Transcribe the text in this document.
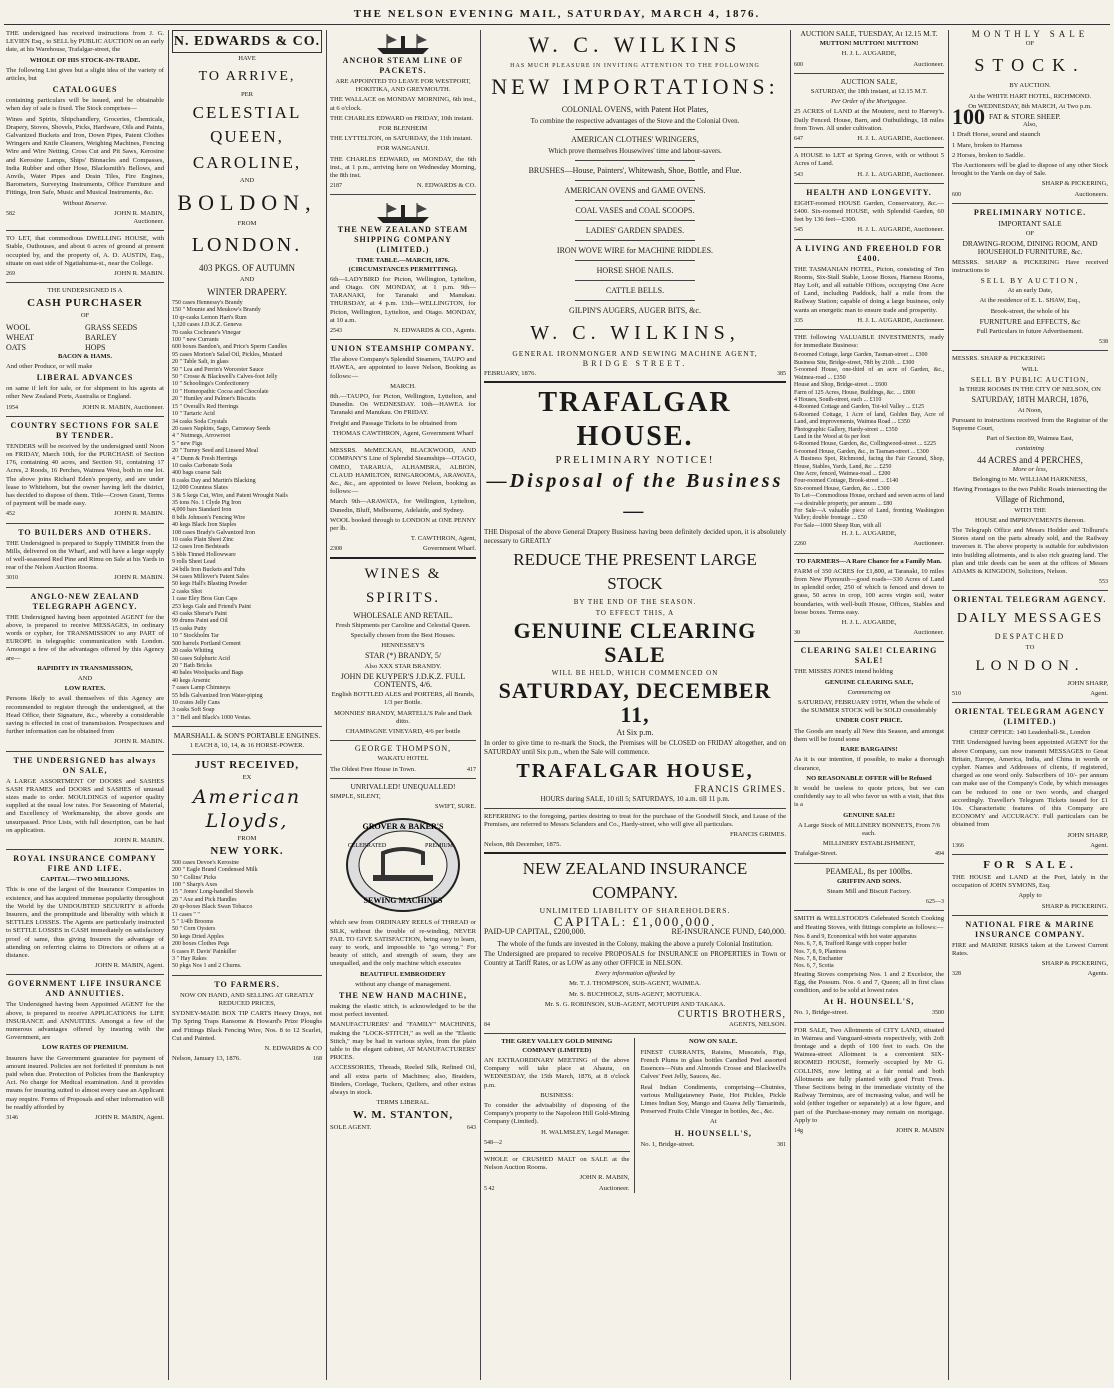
THE NELSON EVENING MAIL, SATURDAY, MARCH 4, 1876.

THE undersigned has received instructions from J. G. LEVIEN Esq., to SELL by PUBLIC AUCTION on an early date, at his Warehouse, Trafalgar-street, the

WHOLE OF HIS STOCK-IN-TRADE.

The following List gives but a slight idea of the variety of articles, but

CATALOGUES

containing particulars will be issued, and be obtainable when day of sale is fixed. The Stock comprises—

Wines and Spirits, Shipchandlery, Groceries, Chemicals, Drapery, Stoves, Shovels, Picks, Hardware, Oils and Paints, Galvanized Buckets and Iron, Down Pipes, Patent Clothes Wringers and Knife Cleaners, Weighing Machines, Fencing Wire and Wire Netting, Cross Cut and Pit Saws, Kerosine and Kerosine Lamps, Ships' Binnacles and Compasses, India Rubber and other Hose, Blacksmith's Bellows, and Anvils, Water Pipes and Drain Tiles, Fire Engines, Barometers, Surveying Instruments, Office Furniture and Fittings, Iron Safe, Music and Musical Instruments, &c.

Without Reserve.

582	JOHN R. MABIN,

Auctioneer.

TO LET, that commodious DWELLING HOUSE, with Stable, Outhouses, and about 6 acres of ground at present occupied by, and the property of, A. D. AUSTIN, Esq., situate on east side of Ngatiahuma-st., near the College.

269	JOHN R. MABIN.

THE UNDERSIGNED IS A

CASH PURCHASER

OF

WOOL	GRASS SEEDS
WHEAT	BARLEY
OATS	HOPS

BACON & HAMS.

And other Produce, or will make

LIBERAL ADVANCES

on same if left for sale, or for shipment to his agents at other New Zealand Ports, Australia or England.

1954	JOHN R. MABIN, Auctioneer.

COUNTRY SECTIONS FOR SALE BY TENDER.

TENDERS will be received by the undersigned until Noon on FRIDAY, March 10th, for the PURCHASE of Section 176, containing 40 acres, and Section 91, containing 17 Acres, 2 Roods, 16 Perches, Waimea West, both in one lot. The above joins Richard Eden's property, and are under lease to Whitehorn, but the owner having left the district, has decided to dispose of them. Title—Crown Grant, Terms of payment will be made easy.

452	JOHN R. MABIN.

TO BUILDERS AND OTHERS.

THE Undersigned is prepared to Supply TIMBER from the Mills, delivered on the Wharf, and will have a large supply of well-seasoned Red Pine and Rimu on Sale at his Yards in rear of the Nelson Auction Rooms.

3010	JOHN R. MABIN.

ANGLO-NEW ZEALAND TELEGRAPH AGENCY.

THE Undersigned having been appointed AGENT for the above, is prepared to receive MESSAGES, in ordinary words or cypher, for TRANSMISSION to any PART of EUROPE in telegraphic communication with London. Amongst a few of the advantages offered by this Agency are—

RAPIDITY IN TRANSMISSION,

AND

LOW RATES.

Persons likely to avail themselves of this Agency are recommended to register through the undersigned, at the Head Office, their Signature, &c., whereby a considerable saving is effected in cost of transmission. Prospectuses and further information can be obtained from

JOHN R. MABIN.

THE UNDERSIGNED has always ON SALE,

A LARGE ASSORTMENT OF DOORS and SASHES SASH FRAMES and DOORS and SASHES of unusual sizes made to order. MOULDINGS of superior quality supplied at the usual low rates. For Seasoning of Material, and Excellency of Workmanship, the above goods are unsurpassed. Price Lists, with full description, can be had on application.

JOHN R. MABIN.

ROYAL INSURANCE COMPANY FIRE AND LIFE.

CAPITAL—TWO MILLIONS.

This is one of the largest of the Insurance Companies in existence, and has acquired immense popularity throughout the World by the UNDOUBTED SECURITY it affords Insurers, and the promptitude and liberality with which it SETTLES LOSSES. The Agents are particularly instructed to SETTLE LOSSES in CASH immediately on satisfactory proof of same, thus giving Insurers the advantage of attending on referring claims to Directors or others at a distance.

JOHN R. MABIN, Agent.

GOVERNMENT LIFE INSURANCE AND ANNUITIES.

The Undersigned having been Appointed AGENT for the above, is prepared to receive APPLICATIONS for LIFE INSURANCE and ANNUITIES. Amongst a few of the numerous advantages offered by insuring with the Government, are

LOW RATES OF PREMIUM.

Insurers have the Government guarantee for payment of amount insured. Policies are not forfeited if premium is not paid when due. Protection of Policies from the Bankruptcy Act. No charge for Medical examination. And it provides means for insuring suited to almost every case an Applicant may require. Forms of Proposals and other information will be readily afforded by

3146	JOHN R. MABIN, Agent.

N. EDWARDS & CO.

HAVE

TO ARRIVE,

PER

CELESTIAL QUEEN,

CAROLINE,

AND

BOLDON,

FROM

LONDON.

403 PKGS. OF AUTUMN

AND

WINTER DRAPERY.

750 cases Hennessy's Brandy
150 " Mounie and Meukow's Brandy
10 qr-casks Lemon Hart's Rum
1,320 cases J.D.K.Z. Geneva
70 casks Cochrane's Vinegar
100 " new Currants
600 boxes Bandon's, and Price's Sperm Candles
95 cases Morton's Salad Oil, Pickles, Mustard
20 " Table Salt, in glass
50 " Lea and Perrin's Worcester Sauce
50 " Crosse & Blackwell's Calves-foot Jelly
10 " Schoolings's Confectionery
10 " Homeopathic Cocoa and Chocolate
20 " Huntley and Palmer's Biscuits
15 " Overall's Red Herrings
10 " Tartaric Acid
34 casks Soda Crystals
20 cases Napkins, Sago, Carraway Seeds
4 " Nutmegs, Arrowroot
5 " new Figs
20 " Turney Seed and Linseed Meal
4 " Dunn & Fresh Herrings
10 casks Carbonate Soda
400 bags coarse Salt
8 casks Day and Martin's Blacking
12,000 Countess Slates
3 & 5 kegs Cut, Wire, and Patent Wrought Nails
35 tons No. 1 Clyde Pig Iron
4,000 bars Standard Iron
8 bdls Johnson's Fencing Wire
40 kegs Black Iron Staples
108 cases Brady's Galvanized Iron
10 casks Plain Sheet Zinc
12 cases Iron Bedsteads
5 bbls Tinned Hollowware
9 rolls Sheet Lead
24 bdls Iron Buckets and Tubs
34 cases Millover's Patent Sales
50 kegs Hall's Blasting Powder
2 casks Shot
1 case Eley Bros Gun Caps
253 kegs Gale and Friend's Paint
43 casks Sherar's Paint
99 drums Paint and Oil
15 casks Putty
10 " Stockholm Tar
500 barrels Portland Cement
20 casks Whiting
50 cases Sulphuric Acid
20 " Bath Bricks
40 bales Woolpacks and Bags
40 kegs Arsenic
7 cases Lamp Chimneys
55 bdls Galvanized Iron Water-piping
10 crates Jelly Cans
3 casks Soft Soap
3 " Bell and Black's 1000 Vestas.

MARSHALL & SON'S PORTABLE ENGINES.

1 EACH 8, 10, 14, & 16 HORSE-POWER.

JUST RECEIVED,

EX

American Lloyds,

FROM

NEW YORK.

500 cases Devoe's Kerosine
200 " Eagle Brand Condensed Milk
50 " Collins' Picks
100 " Sharp's Axes
15 " Jones' Long-handled Shovels
20 " Axe and Pick Handles
20 qr-boxes Black Swan Tobacco
11 cases " "
5 " 1/4lb Brooms
50 " Corn Oysters
50 kegs Dried Apples
200 boxes Clothes Pegs
6 cases P. Davis' Painkiller
3 " Hay Rakes
50 pkgs Nos 1 and 2 Churns.

TO FARMERS.

NOW ON HAND, AND SELLING AT GREATLY REDUCED PRICES,

SYDNEY-MADE BOX TIP CARTS Heavy Drays, not Tip Spring Traps Ransome & Howard's Prize Ploughs and Fittings Black Fencing Wire, Nos. 8 to 12 Scarlet, Cut and Painted.

N. EDWARDS & CO

Nelson, January 13, 1876.	168

ANCHOR STEAM LINE OF PACKETS.

ARE APPOINTED TO LEAVE FOR WESTPORT, HOKITIKA, AND GREYMOUTH.

THE WALLACE on MONDAY MORNING, 6th inst., at 6 o'clock.

THE CHARLES EDWARD on FRIDAY, 10th instant.

FOR BLENHEIM

THE LYTTELTON, on SATURDAY, the 11th instant.

FOR WANGANUI.

THE CHARLES EDWARD, on MONDAY, the 6th inst., at 1 p.m., arriving here on Wednesday Morning, the 8th inst.

2187	N. EDWARDS & CO.

THE NEW ZEALAND STEAM SHIPPING COMPANY (LIMITED.)

TIME TABLE.—MARCH, 1876. (CIRCUMSTANCES PERMITTING).

6th—LADYBIRD for Picton, Wellington, Lyttelton, and Otago. ON MONDAY, at 1 p.m. 9th—TARANAKI, for Taranaki and Manukau. THURSDAY, at 4 p.m. 13th—WELLINGTON, for Picton, Wellington, Lyttelton, and Otago. MONDAY, at 10 a.m.

2543	N. EDWARDS & CO., Agents.

UNION STEAMSHIP COMPANY.

The above Company's Splendid Steamers, TAUPO and HAWEA, are appointed to leave Nelson, Booking as follows:—

MARCH.

8th.—TAUPO, for Picton, Wellington, Lyttelton, and Dunedin. On WEDNESDAY. 10th—HAWEA for Taranaki and Manukau. On FRIDAY.

Freight and Passage Tickets to be obtained from

THOMAS CAWTHRON, Agent, Government Wharf

MESSRS. McMECKAN, BLACKWOOD, AND COMPANY'S Line of Splendid Steamships—OTAGO, OMEO, TARARUA, ALHAMBRA, ALBION, CLAUD HAMILTON, RINGAROOMA, ARAWATA, &c., &c., are appointed to leave Nelson, booking as follows:—

March 9th—ARAWATA, for Wellington, Lyttelton, Dunedin, Bluff, Melbourne, Adelaide, and Sydney.

WOOL booked through to LONDON at ONE PENNY per lb.

T. CAWTHRON, Agent,

2308	Government Wharf.

WINES & SPIRITS.

WHOLESALE AND RETAIL.

Fresh Shipments per Caroline and Celestial Queen.

Specially chosen from the Best Houses.

HENNESSEY'S

STAR (*) BRANDY, 5/

Also XXX STAR BRANDY.

JOHN DE KUYPER'S J.D.K.Z. FULL CONTENTS, 4/6.

English BOTTLED ALES and PORTERS, all Brands, 1/3 per Bottle.

MONNIES' BRANDY, MARTELL'S Pale and Dark ditto.

CHAMPAGNE VINEYARD, 4/6 per bottle

GEORGE THOMPSON,

WAKATU HOTEL

The Oldest Free House in Town.	417

UNRIVALLED! UNEQUALLED!

SIMPLE, SILENT,

SWIFT, SURE.

GROVER & BAKER'S
CELEBRATED	PREMIUM
SEWING MACHINES

which sew from ORDINARY REELS of THREAD or SILK, without the trouble of re-winding, NEVER FAIL TO GIVE SATISFACTION, being easy to learn, easy to work, and impossible to "go wrong." For beauty of stitch, and strength of seam, they are unequalled, and the only machine which executes

BEAUTIFUL EMBROIDERY

without any change of management.

THE NEW HAND MACHINE,

making the elastic stitch, is acknowledged to be the most perfect invented.

MANUFACTURERS' and "FAMILY" MACHINES, making the "LOCK-STITCH," as well as the "Elastic Stitch," may be had in various styles, from the plain table to the elegant cabinet, AT MANUFACTURERS' PRICES.

ACCESSORIES, Threads, Reeled Silk, Refined Oil, and all extra parts of Machines; also, Braiders, Binders, Cordage, Tuckers, Quilters, and other extras always in stock.

TERMS LIBERAL.

W. M. STANTON,

SOLE AGENT.	643

W. C. WILKINS

HAS MUCH PLEASURE IN INVITING ATTENTION TO THE FOLLOWING

NEW IMPORTATIONS:

COLONIAL OVENS, with Patent Hot Plates,

To combine the respective advantages of the Stove and the Colonial Oven.

AMERICAN CLOTHES' WRINGERS,

Which prove themselves Housewives' time and labour-savers.

BRUSHES—House, Painters', Whitewash, Shoe, Bottle, and Flue.

AMERICAN OVENS and GAME OVENS.

COAL VASES and COAL SCOOPS.

LADIES' GARDEN SPADES.

IRON WOVE WIRE for MACHINE RIDDLES.

HORSE SHOE NAILS.

CATTLE BELLS.

GILPIN'S AUGERS, AUGER BITS, &c.

W. C. WILKINS,

GENERAL IRONMONGER AND SEWING MACHINE AGENT,

BRIDGE STREET.

FEBRUARY, 1876.	385

TRAFALGAR HOUSE.

PRELIMINARY NOTICE!

—Disposal of the Business—

THE Disposal of the above General Drapery Business having been definitely decided upon, it is absolutely necessary to GREATLY

REDUCE THE PRESENT LARGE STOCK

BY THE END OF THE SEASON.

TO EFFECT THIS, A

GENUINE CLEARING SALE

WILL BE HELD, WHICH COMMENCED ON

SATURDAY, DECEMBER 11,

At Six p.m.

In order to give time to re-mark the Stock, the Premises will be CLOSED on FRIDAY altogether, and on SATURDAY until Six p.m., when the Sale will commence.

TRAFALGAR HOUSE,

FRANCIS GRIMES.

HOURS during SALE, 10 till 5; SATURDAYS, 10 a.m. till 11 p.m.

REFERRING to the foregoing, parties desiring to treat for the purchase of the Goodwill Stock, and Lease of the Premises, are referred to Messrs Sclanders and Co., Hardy-street, who will give all particulars.

FRANCIS GRIMES.

Nelson, 8th December, 1875.

NEW ZEALAND INSURANCE COMPANY.

UNLIMITED LIABILITY OF SHAREHOLDERS.

CAPITAL: £1,000,000.

PAID-UP CAPITAL, £200,000.	RE-INSURANCE FUND, £40,000.

The whole of the funds are invested in the Colony, making the above a purely Colonial Institution.

The Undersigned are prepared to receive PROPOSALS for INSURANCE on PROPERTIES in Town or Country at Tariff Rates, or as LOW as any other OFFICE in NELSON.

Every information afforded by

Mr. T. J. THOMPSON, SUB-AGENT, WAIMEA.

Mr. S. BUCHHOLZ, SUB-AGENT, MOTUEKA.

Mr. S. G. ROBINSON, SUB-AGENT, MOTUPIPI AND TAKAKA.

CURTIS BROTHERS,

84	AGENTS, NELSON.

THE GREY VALLEY GOLD MINING COMPANY (LIMITED)

AN EXTRAORDINARY MEETING of the above Company will take place at Ahaura, on WEDNESDAY, the 15th March, 1876, at 8 o'clock p.m.

BUSINESS:

To consider the advisability of disposing of the Company's property to the Napoleon Hill Gold-Mining Company (Limited).

H. WALMSLEY, Legal Manager.

548—2

WHOLE or CRUSHED MALT on SALE at the Nelson Auction Rooms.

JOHN R. MABIN,

5 42	Auctioneer.

NOW ON SALE.

FINEST CURRANTS, Raisins, Muscatels, Figs, French Plums in glass bottles Candied Peel assorted Essences—Nuts and Almonds Crosse and Blackwell's Calves' Feet Jelly, Sauces, &c.

Real Indian Condiments, comprising—Chutnies, various Mulligatawney Paste, Hot Pickles, Pickle Limes Indian Soy, Mango and Guava Jelly Tamarinds, Preserved Fruits Chile Vinegar in bottles, &c., &c.

At

H. HOUNSELL'S,

No. 1, Bridge-street.	381

AUCTION SALE, TUESDAY, At 12.15 M.T.

MUTTON! MUTTON! MUTTON!

H. J. L. AUGARDE,

600	Auctioneer.

AUCTION SALE,

SATURDAY, the 18th instant, at 12.15 M.T.

Per Order of the Mortgagee.

25 ACRES of LAND at the Moutere, next to Harvey's. Daily Fenced. House, Barn, and Outbuildings, 18 miles from Town. All under cultivation.

647	H. J. L. AUGARDE, Auctioneer.

A HOUSE to LET at Spring Grove, with or without 5 Acres of Land.

543	H. J. L. AUGARDE, Auctioneer.

HEALTH AND LONGEVITY.

EIGHT-roomed HOUSE Garden, Conservatory, &c.—£400. Six-roomed HOUSE, with Splendid Garden, 60 feet by 136 feet—£300.

545	H. J. L. AUGARDE, Auctioneer.

A LIVING AND FREEHOLD FOR £400.

THE TASMANIAN HOTEL, Picton, consisting of Ten Rooms, Six-Stall Stable, Loose Boxes, Harness Rooms, Hay Loft, and all suitable Offices, occupying One Acre of Land, including Paddock, half a mile from the Railway Station; capable of doing a large business, only wants an energetic man to ensure trade and prosperity.

335	H. J. L. AUGARDE, Auctioneer.

THE following VALUABLE INVESTMENTS, ready for immediate Business:

8-roomed Cottage, large Garden, Tasman-street ... £300
Business Site, Bridge-street, 78ft by 210ft ... £300
5-roomed House, one-third of an acre of Garden, &c., Waimea-road ... £350
House and Shop, Bridge-street ... £600
Farm of 125 Acres, House, Buildings, &c. ... £800
4 Houses, South-street, each ... £110
4-Roomed Cottage and Garden, Toi-tol Valley ... £125
6-Roomed Cottage, 1 Acre of land, Golden Bay, Acre of Land, and improvements, Waimea Road ... £350
Photographic Gallery, Hardy-street ... £350
Land in the Wood at 6s per foot
6-Roomed House, Garden, &c, Collingwood-street ... £225
6-roomed House, Garden, &c., in Tasman-street ... £300
A Business Spot, Richmond, facing the Fair Ground, Shop, House, Stables, Yards, Land, &c ... £250
One Acre, fenced, Waimea-road ... £200
Four-roomed Cottage, Brook-street ... £140
Six-roomed House, Garden, &c ... £300
To Let—Commodious House, orchard and seven acres of land—a desirable property, per annum ... £80
For Sale—A valuable piece of Land, fronting Washington Valley; double frontage ... £50
For Sale—1000 Sheep Run, with all

H. J. L. AUGARDE,

2260	Auctioneer.

TO FARMERS—A Rare Chance for a Family Man.

FARM of 350 ACRES for £1,800, at Taranaki, 10 miles from New Plymouth—good roads—330 Acres of Land in splendid order, 250 of which is fenced and down to grass, 50 acres in crop, 100 acres virgin soil, water boundaries, with well-built House, Offices, Stables and loose boxes. Terms easy.

H. J. L. AUGARDE,

30	Auctioneer.

CLEARING SALE! CLEARING SALE!

THE MISSES JONES intend holding

GENUINE CLEARING SALE,

Commencing on

SATURDAY, FEBRUARY 19TH, When the whole of the SUMMER STOCK will be SOLD considerably

UNDER COST PRICE.

The Goods are nearly all New this Season, and amongst them will be found some

RARE BARGAINS!

As it is our intention, if possible, to make a thorough clearance,

NO REASONABLE OFFER will be Refused

It would be useless to quote prices, but we can confidently say to all who favor us with a visit, that this is a

GENUINE SALE!

A Large Stock of MILLINERY BONNETS, From 7/6 each.

MILLINERY ESTABLISHMENT,

Trafalgar-Street.	494

PEAMEAL, 8s per 100lbs.

GRIFFIN AND SONS.

Steam Mill and Biscuit Factory.

625—3

SMITH & WELLSTOOD'S Celebrated Scotch Cooking and Heating Stoves, with fittings complete as follows:—

Nos. 8 and 9, Economical with hot water apparatus
Nos. 6, 7, 8, Trafford Range with copper boiler
Nos. 7, 8, 9, Plantress
Nos. 7, 8, Enchanter
Nos. 6, 7, Scotia

Heating Stoves comprising Nos. 1 and 2 Excelsior, the Egg, the Possum. Nos. 6 and 7, Queen; all in first class condition, and to be sold at lowest rates

At H. HOUNSELL'S,

No. 1, Bridge-street.	3500

FOR SALE, Two Allotments of CITY LAND, situated in Waimea and Vanguard-streets respectively, with 2oft frontage and a depth of 100 feet to each. On the Waimea-street Allotment is a convenient SIX-ROOMED HOUSE, formerly occupied by Mr G. COLLINS, now letting at a fair rental and both Allotments are fully planted with good Fruit Trees. These Sections being in the immediate vicinity of the Railway Terminus, are of increasing value, and will be sold (either together or separately) at a low figure, and part of the Purchase-money may remain on mortgage. Apply to

14g	JOHN R. MABIN

MONTHLY SALE

OF

STOCK.

BY AUCTION.

At the WHITE HART HOTEL, RICHMOND.

On WEDNESDAY, 8th MARCH, At Two p.m.

100 FAT & STORE SHEEP.

Also,

1 Draft Horse, sound and staunch

1 Mare, broken to Harness

2 Horses, broken to Saddle.

The Auctioneers will be glad to dispose of any other Stock brought to the Yards on day of Sale.

SHARP & PICKERING,

600	Auctioneers.

PRELIMINARY NOTICE.

IMPORTANT SALE

OF

DRAWING-ROOM, DINING ROOM, AND HOUSEHOLD FURNITURE, &c.

MESSRS. SHARP & PICKERING Have received instructions to

SELL BY AUCTION,

At an early Date,

At the residence of E. L. SHAW, Esq.,

Brook-street, the whole of his

FURNITURE and EFFECTS, &c

Full Particulars in future Advertisement.

538

MESSRS. SHARP & PICKERING

WILL

SELL BY PUBLIC AUCTION,

In THEIR ROOMS IN THE CITY OF NELSON, ON

SATURDAY, 18TH MARCH, 1876,

At Noon,

Pursuant to instructions received from the Registrar of the Supreme Court,

Part of Section 89, Waimea East,

containing

44 ACRES and 4 PERCHES,

More or less,

Belonging to Mr. WILLIAM HARKNESS,

Having Frontages to the two Public Roads intersecting the

Village of Richmond,

WITH THE

HOUSE and IMPROVEMENTS thereon.

The Telegraph Office and Messrs Hodder and Tolhurst's Stores stand on the parts already sold, and the Railway traverses it. The above property is suitable for subdivision into building allotments, and is also rich grazing land. The plan and title deeds can be seen at the offices of Messrs ADAMS & KINGDON, Solicitors, Nelson.

553

ORIENTAL TELEGRAM AGENCY.

DAILY MESSAGES

DESPATCHED

TO

LONDON.

JOHN SHARP,

510	Agent.

ORIENTAL TELEGRAM AGENCY (LIMITED.)

CHIEF OFFICE: 140 Leadenhall-St., London

THE Undersigned having been appointed AGENT for the above Company, can now transmit MESSAGES to Great Britain, Europe, America, India, and China in words or cypher. Names and Addresses of clients, if registered, charged as one word only. Subscribers of 10/- per annum can make use of the Company's Code, by which messages can be reduced to one or two words, and charged accordingly. Traveller's Telegram Tickets issued for £1 10s. Characteristic features of this Company are ECONOMY and ACCURACY. Full particulars can be obtained from

JOHN SHARP,

1366	Agent.

FOR SALE.

THE HOUSE and LAND at the Port, lately in the occupation of JOHN SYMONS, Esq.

Apply to

SHARP & PICKERING.

NATIONAL FIRE & MARINE INSURANCE COMPANY.

FIRE and MARINE RISKS taken at the Lowest Current Rates.

SHARP & PICKERING,

328	Agents.
